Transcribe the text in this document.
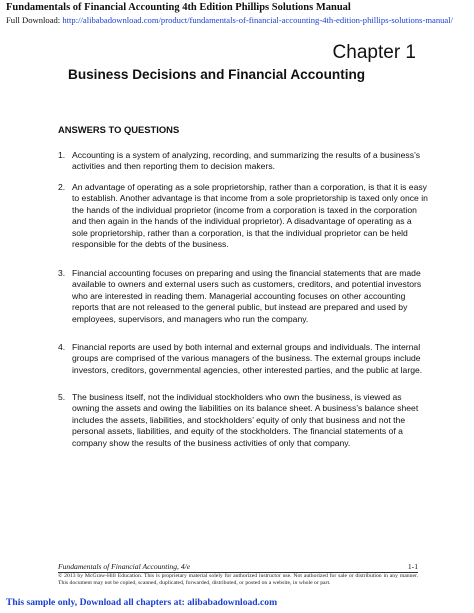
Fundamentals of Financial Accounting 4th Edition Phillips Solutions Manual
Full Download: http://alibabadownload.com/product/fundamentals-of-financial-accounting-4th-edition-phillips-solutions-manual/
Chapter 1
Business Decisions and Financial Accounting
ANSWERS TO QUESTIONS
1. Accounting is a system of analyzing, recording, and summarizing the results of a business’s activities and then reporting them to decision makers.
2. An advantage of operating as a sole proprietorship, rather than a corporation, is that it is easy to establish. Another advantage is that income from a sole proprietorship is taxed only once in the hands of the individual proprietor (income from a corporation is taxed in the corporation and then again in the hands of the individual proprietor). A disadvantage of operating as a sole proprietorship, rather than a corporation, is that the individual proprietor can be held responsible for the debts of the business.
3. Financial accounting focuses on preparing and using the financial statements that are made available to owners and external users such as customers, creditors, and potential investors who are interested in reading them. Managerial accounting focuses on other accounting reports that are not released to the general public, but instead are prepared and used by employees, supervisors, and managers who run the company.
4. Financial reports are used by both internal and external groups and individuals. The internal groups are comprised of the various managers of the business. The external groups include investors, creditors, governmental agencies, other interested parties, and the public at large.
5. The business itself, not the individual stockholders who own the business, is viewed as owning the assets and owing the liabilities on its balance sheet. A business’s balance sheet includes the assets, liabilities, and stockholders’ equity of only that business and not the personal assets, liabilities, and equity of the stockholders. The financial statements of a company show the results of the business activities of only that company.
Fundamentals of Financial Accounting, 4/e	1-1
© 2013 by McGraw-Hill Education. This is proprietary material solely for authorized instructor use. Not authorized for sale or distribution in any manner. This document may not be copied, scanned, duplicated, forwarded, distributed, or posted on a website, in whole or part.
This sample only, Download all chapters at: alibabadownload.com
